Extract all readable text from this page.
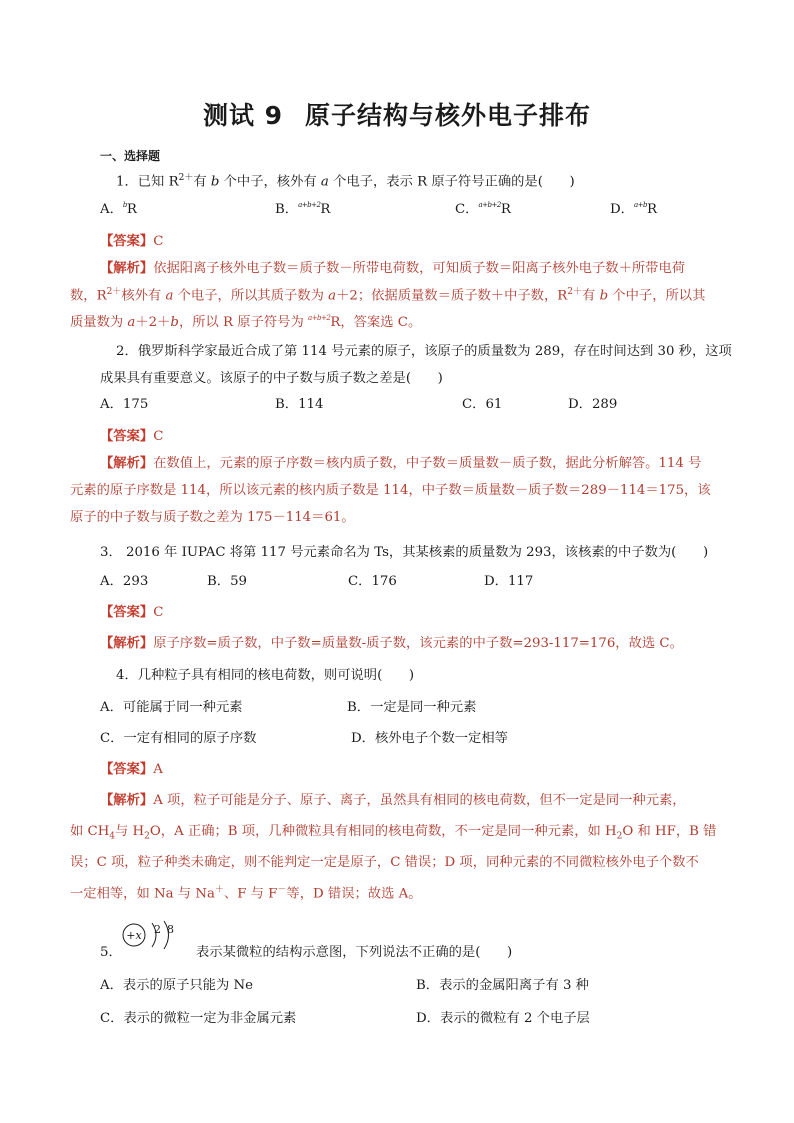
测试 9 原子结构与核外电子排布
一、选择题
1．已知 $R^{2+}$有 b 个中子，核外有 a 个电子，表示 R 原子符号正确的是(　　)
A．$^b$R	B．$^{a+b+2}$R	C．$^{a+b+2}$R	D．$^{a+b}$R
【答案】C
【解析】依据阳离子核外电子数＝质子数－所带电荷数，可知质子数＝阳离子核外电子数＋所带电荷
数，$R^{2+}$核外有 a 个电子，所以其质子数为 a＋2；依据质量数＝质子数＋中子数，$R^{2+}$有 b 个中子，所以其
质量数为 a＋2＋b，所以 R 原子符号为 $^{a+b+2}$R，答案选 C。
2．俄罗斯科学家最近合成了第 114 号元素的原子，该原子的质量数为 289，存在时间达到 30 秒，这项
成果具有重要意义。该原子的中子数与质子数之差是(　　)
A．175	B．114	C．61	D．289
【答案】C
【解析】在数值上，元素的原子序数＝核内质子数，中子数＝质量数－质子数，据此分析解答。114 号
元素的原子序数是 114，所以该元素的核内质子数是 114，中子数＝质量数－质子数＝289－114＝175，该
原子的中子数与质子数之差为 175－114＝61。
3． 2016 年 IUPAC 将第 117 号元素命名为 Ts，其某核素的质量数为 293，该核素的中子数为(　　)
A．293	B．59	C．176	D．117
【答案】C
【解析】原子序数=质子数，中子数=质量数-质子数，该元素的中子数=293-117=176，故选 C。
4．几种粒子具有相同的核电荷数，则可说明(　　)
A．可能属于同一种元素	B．一定是同一种元素
C．一定有相同的原子序数	D．核外电子个数一定相等
【答案】A
【解析】A 项，粒子可能是分子、原子、离子，虽然具有相同的核电荷数，但不一定是同一种元素，
如 $CH_4$与 $H_2O$，A 正确；B 项，几种微粒具有相同的核电荷数，不一定是同一种元素，如 $H_2O$ 和 HF，B 错
误；C 项，粒子种类未确定，则不能判定一定是原子，C 错误；D 项，同种元素的不同微粒核外电子个数不
一定相等，如 Na 与 Na＋、F 与 F－等，D 错误；故选 A。
5．
+x 2 8
表示某微粒的结构示意图，下列说法不正确的是(　　)
A．表示的原子只能为 Ne	B．表示的金属阳离子有 3 种
C．表示的微粒一定为非金属元素	D．表示的微粒有 2 个电子层
